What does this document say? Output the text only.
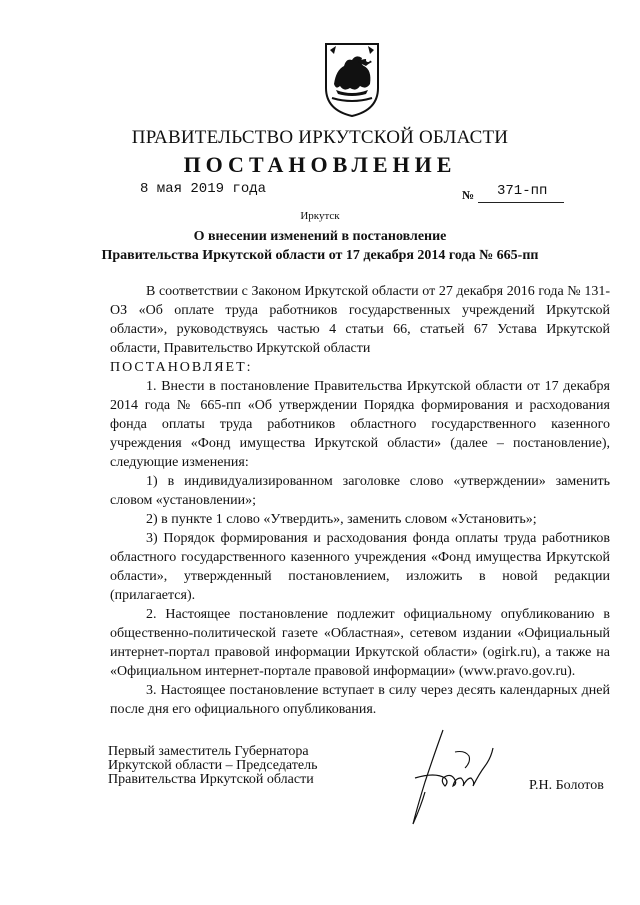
ПРАВИТЕЛЬСТВО ИРКУТСКОЙ ОБЛАСТИ
ПОСТАНОВЛЕНИЕ
8 мая 2019 года	№ 371-пп
Иркутск
О внесении изменений в постановление
Правительства Иркутской области от 17 декабря 2014 года № 665-пп

В соответствии с Законом Иркутской области от 27 декабря 2016 года № 131-ОЗ «Об оплате труда работников государственных учреждений Иркутской области», руководствуясь частью 4 статьи 66, статьей 67 Устава Иркутской области, Правительство Иркутской области

ПОСТАНОВЛЯЕТ:

1. Внести в постановление Правительства Иркутской области от 17 декабря 2014 года № 665-пп «Об утверждении Порядка формирования и расходования фонда оплаты труда работников областного государственного казенного учреждения «Фонд имущества Иркутской области» (далее – постановление), следующие изменения:

1) в индивидуализированном заголовке слово «утверждении» заменить словом «установлении»;

2) в пункте 1 слово «Утвердить», заменить словом «Установить»;

3) Порядок формирования и расходования фонда оплаты труда работников областного государственного казенного учреждения «Фонд имущества Иркутской области», утвержденный постановлением, изложить в новой редакции (прилагается).

2. Настоящее постановление подлежит официальному опубликованию в общественно-политической газете «Областная», сетевом издании «Официальный интернет-портал правовой информации Иркутской области» (ogirk.ru), а также на «Официальном интернет-портале правовой информации» (www.pravo.gov.ru).

3. Настоящее постановление вступает в силу через десять календарных дней после дня его официального опубликования.

Первый заместитель Губернатора
Иркутской области – Председатель
Правительства Иркутской области	Р.Н. Болотов
